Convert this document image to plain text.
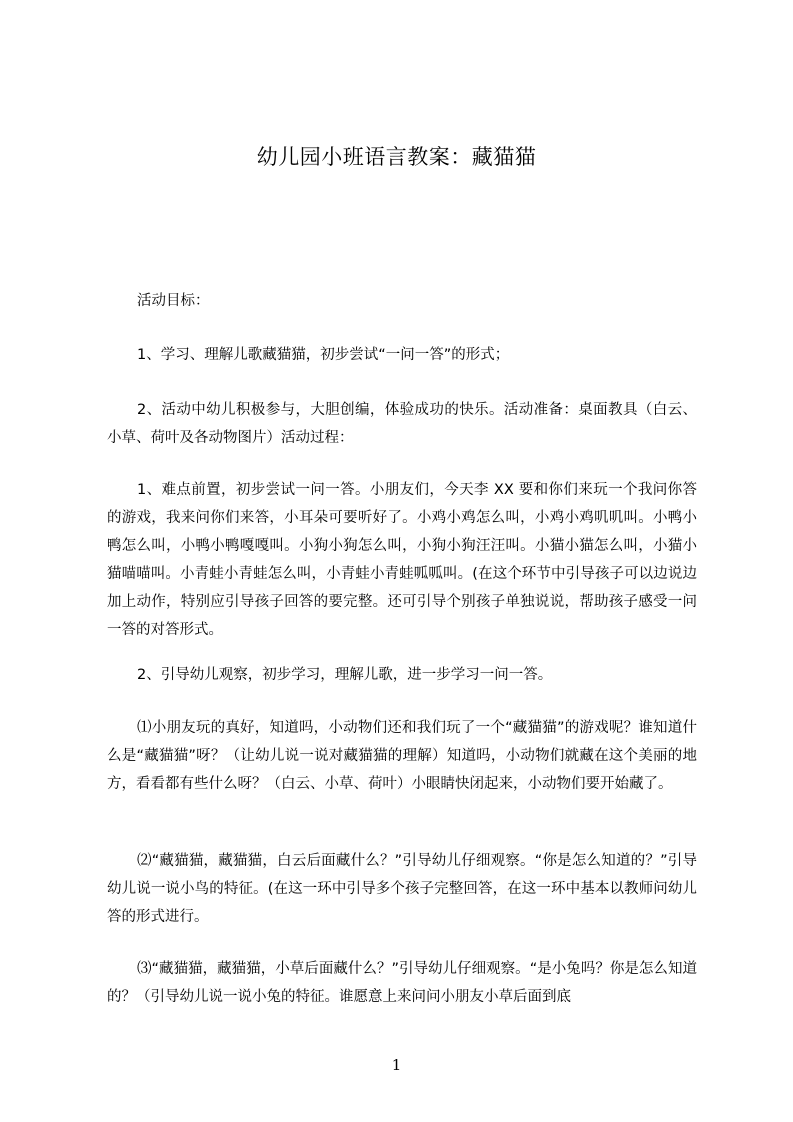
幼儿园小班语言教案：藏猫猫
活动目标：
1、学习、理解儿歌藏猫猫，初步尝试“一问一答”的形式；
2、活动中幼儿积极参与，大胆创编，体验成功的快乐。活动准备：桌面教具（白云、小草、荷叶及各动物图片）活动过程：
1、难点前置，初步尝试一问一答。小朋友们，今天李 XX 要和你们来玩一个我问你答的游戏，我来问你们来答，小耳朵可要听好了。小鸡小鸡怎么叫，小鸡小鸡叽叽叫。小鸭小鸭怎么叫，小鸭小鸭嘎嘎叫。小狗小狗怎么叫，小狗小狗汪汪叫。小猫小猫怎么叫，小猫小猫喵喵叫。小青蛙小青蛙怎么叫，小青蛙小青蛙呱呱叫。(在这个环节中引导孩子可以边说边加上动作，特别应引导孩子回答的要完整。还可引导个别孩子单独说说，帮助孩子感受一问一答的对答形式。
2、引导幼儿观察，初步学习，理解儿歌，进一步学习一问一答。
⑴小朋友玩的真好，知道吗，小动物们还和我们玩了一个“藏猫猫”的游戏呢？谁知道什么是“藏猫猫”呀？（让幼儿说一说对藏猫猫的理解）知道吗，小动物们就藏在这个美丽的地方，看看都有些什么呀？（白云、小草、荷叶）小眼睛快闭起来，小动物们要开始藏了。
⑵“藏猫猫，藏猫猫，白云后面藏什么？”引导幼儿仔细观察。“你是怎么知道的？”引导幼儿说一说小鸟的特征。(在这一环中引导多个孩子完整回答，在这一环中基本以教师问幼儿答的形式进行。
⑶“藏猫猫，藏猫猫，小草后面藏什么？”引导幼儿仔细观察。“是小兔吗？你是怎么知道的？（引导幼儿说一说小兔的特征。谁愿意上来问问小朋友小草后面到底
1
